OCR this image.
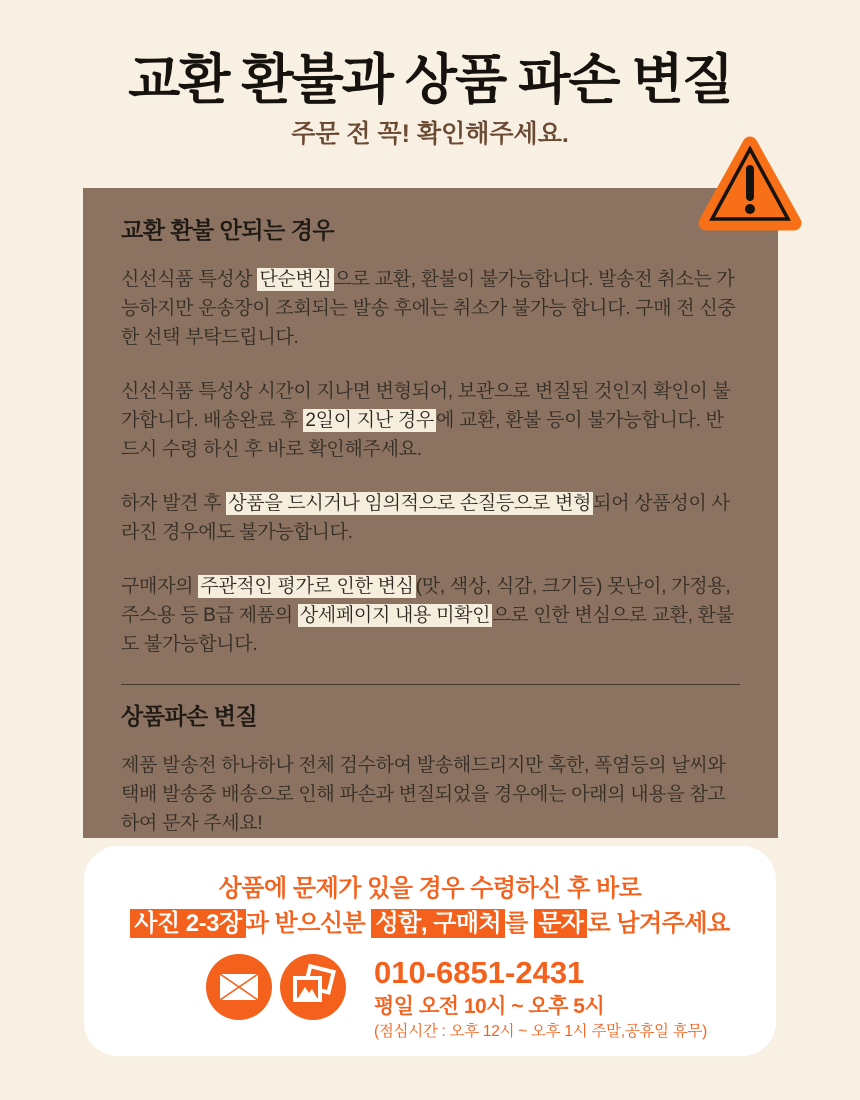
교환 환불과 상품 파손 변질

주문 전 꼭! 확인해주세요.

교환 환불 안되는 경우

신선식품 특성상 단순변심 으로 교환, 환불이 불가능합니다. 발송전 취소는 가능하지만 운송장이 조회되는 발송 후에는 취소가 불가능 합니다. 구매 전 신중한 선택 부탁드립니다.

신선식품 특성상 시간이 지나면 변형되어, 보관으로 변질된 것인지 확인이 불가합니다. 배송완료 후 2일이 지난 경우 에 교환, 환불 등이 불가능합니다. 반드시 수령 하신 후 바로 확인해주세요.

하자 발견 후 상품을 드시거나 임의적으로 손질등으로 변형 되어 상품성이 사라진 경우에도 불가능합니다.

구매자의 주관적인 평가로 인한 변심 (맛, 색상, 식감, 크기등) 못난이, 가정용, 주스용 등 B급 제품의 상세페이지 내용 미확인 으로 인한 변심으로 교환, 환불도 불가능합니다.

상품파손 변질

제품 발송전 하나하나 전체 검수하여 발송해드리지만 혹한, 폭염등의 날씨와 택배 발송중 배송으로 인해 파손과 변질되었을 경우에는 아래의 내용을 참고하여 문자 주세요!

상품에 문제가 있을 경우 수령하신 후 바로

사진 2-3장 과 받으신분 성함, 구매처 를 문자 로 남겨주세요

010-6851-2431
평일 오전 10시 ~ 오후 5시
(점심시간 : 오후 12시 ~ 오후 1시 주말,공휴일 휴무)
